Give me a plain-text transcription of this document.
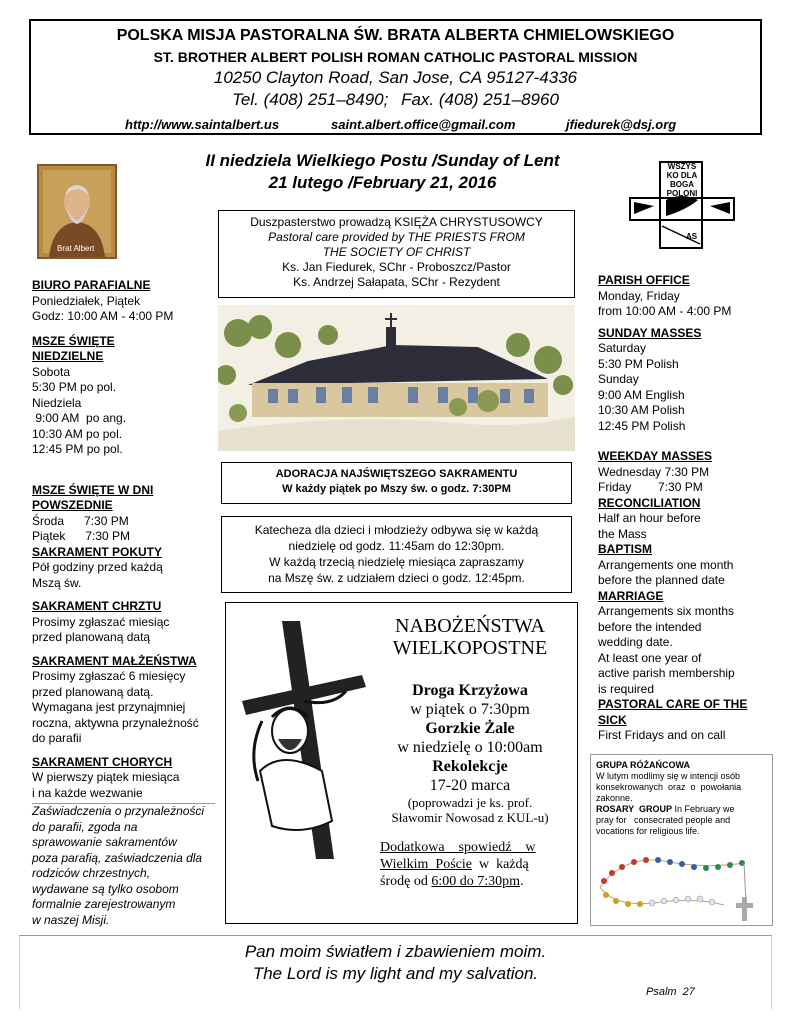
POLSKA MISJA PASTORALNA ŚW. BRATA ALBERTA CHMIELOWSKIEGO
ST. BROTHER ALBERT POLISH ROMAN CATHOLIC PASTORAL MISSION
10250 Clayton Road, San Jose, CA 95127-4336
Tel. (408) 251–8490; Fax. (408) 251–8960
http://www.saintalbert.us	saint.albert.office@gmail.com	jfiedurek@dsj.org
II niedziela Wielkiego Postu /Sunday of Lent
21 lutego /February 21, 2016
Brat Albert
WSZYS
KO DLA
BOGA
POLONI
AS
Duszpasterstwo prowadzą KSIĘŻA CHRYSTUSOWCY
Pastoral care provided by THE PRIESTS FROM
THE SOCIETY OF CHRIST
Ks. Jan Fiedurek, SChr - Proboszcz/Pastor
Ks. Andrzej Sałapata, SChr - Rezydent
BIURO PARAFIALNE
Poniedziałek, Piątek
Godz: 10:00 AM - 4:00 PM
MSZE ŚWIĘTE
NIEDZIELNE
Sobota
5:30 PM po pol.
Niedziela
9:00 AM  po ang.
10:30 AM po pol.
12:45 PM po pol.
MSZE ŚWIĘTE W DNI
POWSZEDNIE
Środa      7:30 PM
Piątek      7:30 PM
SAKRAMENT POKUTY
Pół godziny przed każdą
Mszą św.
SAKRAMENT CHRZTU
Prosimy zgłaszać miesiąc
przed planowaną datą
SAKRAMENT MAŁŻEŃSTWA
Prosimy zgłaszać 6 miesięcy
przed planowaną datą.
Wymagana jest przynajmniej
roczna, aktywna przynależność
do parafii
SAKRAMENT CHORYCH
W pierwszy piątek miesiąca
i na każde wezwanie
Zaświadczenia o przynależności
do parafii, zgoda na
sprawowanie sakramentów
poza parafią, zaświadczenia dla
rodziców chrzestnych,
wydawane są tylko osobom
formalnie zarejestrowanym
w naszej Misji.
PARISH OFFICE
Monday, Friday
from 10:00 AM - 4:00 PM
SUNDAY MASSES
Saturday
5:30 PM Polish
Sunday
9:00 AM English
10:30 AM Polish
12:45 PM Polish
WEEKDAY MASSES
Wednesday 7:30 PM
Friday        7:30 PM
RECONCILIATION
Half an hour before
the Mass
BAPTISM
Arrangements one month
before the planned date
MARRIAGE
Arrangements six months
before the intended
wedding date.
At least one year of
active parish membership
is required
PASTORAL CARE OF THE
SICK
First Fridays and on call
GRUPA RÓŻAŃCOWA
W lutym modlimy się w intencji osób
konsekrowanych  oraz  o  powołania
zakonne.
ROSARY  GROUP In February we
pray for   consecrated people and
vocations for religious life.
ADORACJA NAJŚWIĘTSZEGO SAKRAMENTU
W każdy piątek po Mszy św. o godz. 7:30PM
Katecheza dla dzieci i młodzieży odbywa się w każdą
niedzielę od godz. 11:45am do 12:30pm.
W każdą trzecią niedzielę miesiąca zapraszamy
na Mszę św. z udziałem dzieci o godz. 12:45pm.
NABOŻEŃSTWA
WIELKOPOSTNE
Droga Krzyżowa
w piątek o 7:30pm
Gorzkie Żale
w niedzielę o 10:00am
Rekolekcje
17-20 marca
(poprowadzi je ks. prof.
Sławomir Nowosad z KUL-u)
Dodatkowa    spowiedź    w
Wielkim  Poście  w  każdą
środę od 6:00 do 7:30pm.
Pan moim światłem i zbawieniem moim.
The Lord is my light and my salvation.
Psalm  27
